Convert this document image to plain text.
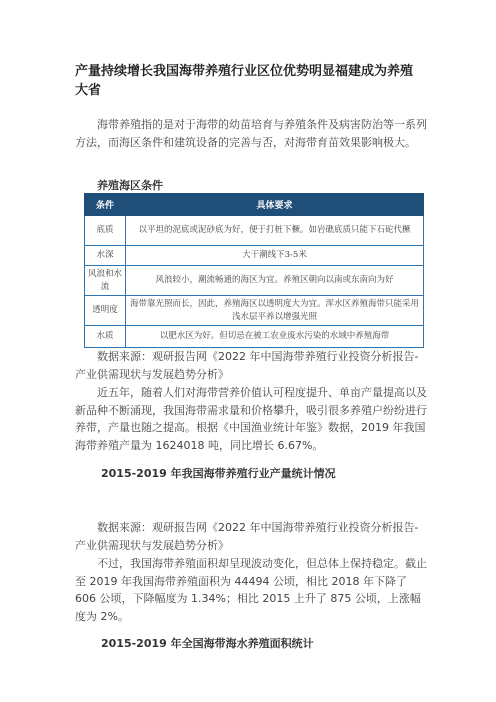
产量持续增长我国海带养殖行业区位优势明显福建成为养殖大省
海带养殖指的是对于海带的幼苗培育与养殖条件及病害防治等一系列方法，而海区条件和建筑设备的完善与否，对海带育苗效果影响极大。
养殖海区条件
条件	具体要求
底质	以平坦的泥底或泥砂底为好，便于打桩下橛。如岩礁底质只能下石砣代橛
水深	大干潮线下3-5米
风浪和水流	风浪较小，潮流畅通的海区为宜。养殖区朝向以南或东南向为好
透明度	海带靠光照而长，因此，养殖海区以透明度大为宜。浑水区养殖海带只能采用浅水层平养以增强光照
水质	以肥水区为好。但切忌在被工农业废水污染的水域中养殖海带
数据来源：观研报告网《2022 年中国海带养殖行业投资分析报告-产业供需现状与发展趋势分析》
近五年，随着人们对海带营养价值认可程度提升、单亩产量提高以及新品种不断涌现，我国海带需求量和价格攀升，吸引很多养殖户纷纷进行养带，产量也随之提高。根据《中国渔业统计年鉴》数据，2019 年我国海带养殖产量为 1624018 吨，同比增长 6.67%。
2015-2019 年我国海带养殖行业产量统计情况
数据来源：观研报告网《2022 年中国海带养殖行业投资分析报告-产业供需现状与发展趋势分析》
不过，我国海带养殖面积却呈现波动变化，但总体上保持稳定。截止至 2019 年我国海带养殖面积为 44494 公顷，相比 2018 年下降了 606 公顷，下降幅度为 1.34%；相比 2015 上升了 875 公顷，上涨幅度为 2%。
2015-2019 年全国海带海水养殖面积统计
